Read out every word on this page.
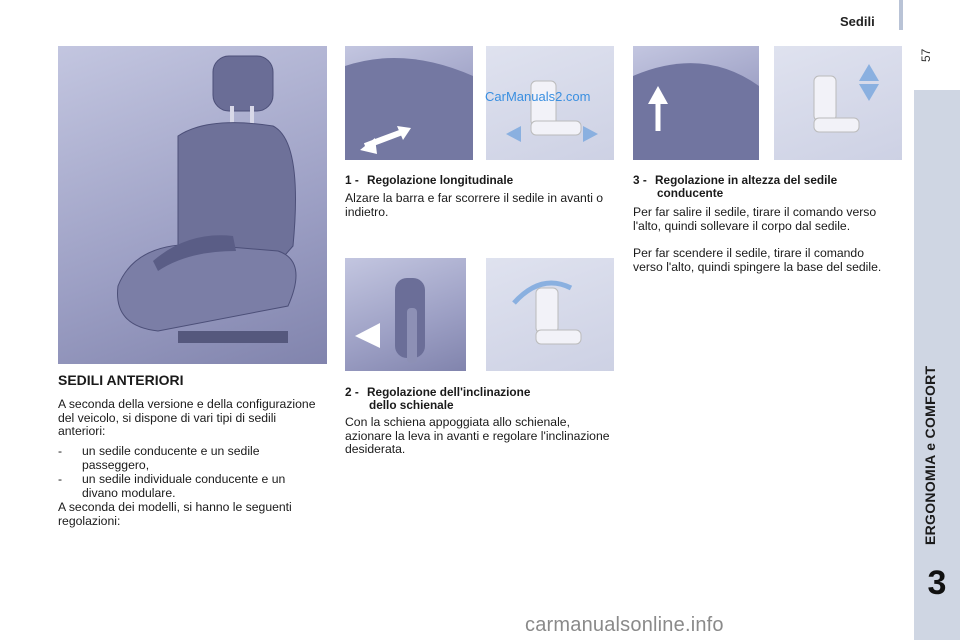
Sedili
57
ERGONOMIA e COMFORT
3
SEDILI ANTERIORI
A seconda della versione e della configurazione del veicolo, si dispone di vari tipi di sedili anteriori:
-	un sedile conducente e un sedile passeggero,
-	un sedile individuale conducente e un divano modulare.
A seconda dei modelli, si hanno le seguenti regolazioni:
CarManuals2.com
1 - Regolazione longitudinale
Alzare la barra e far scorrere il sedile in avanti o indietro.
2 - Regolazione dell'inclinazione
dello schienale
Con la schiena appoggiata allo schienale, azionare la leva in avanti e regolare l'inclinazione desiderata.
3 - Regolazione in altezza del sedile
conducente
Per far salire il sedile, tirare il comando verso l'alto, quindi sollevare il corpo dal sedile.
Per far scendere il sedile, tirare il comando verso l'alto, quindi spingere la base del sedile.
carmanualsonline.info
